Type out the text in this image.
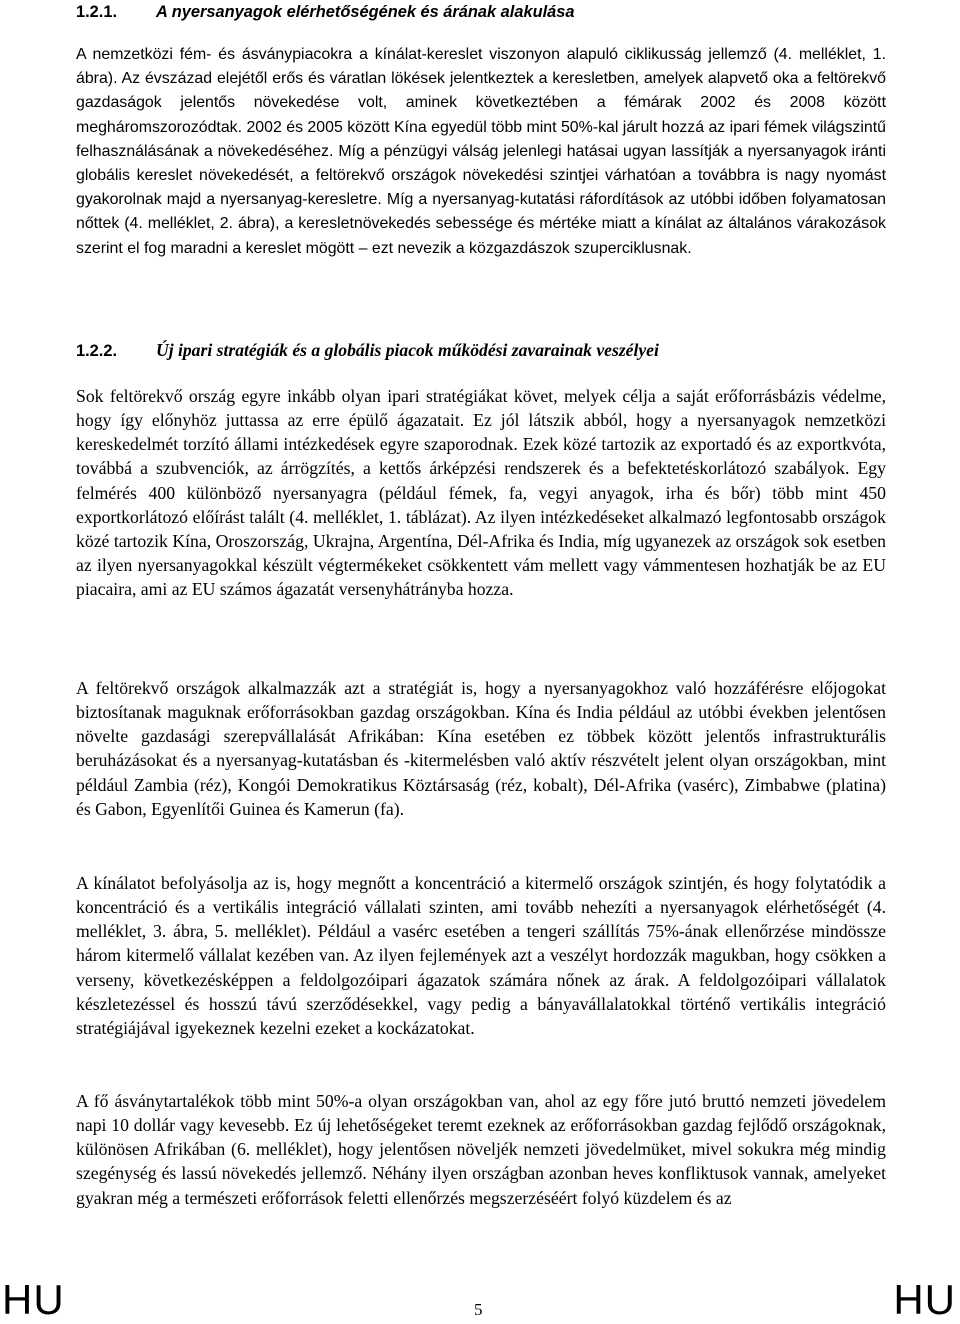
1.2.1. A nyersanyagok elérhetőségének és árának alakulása

A nemzetközi fém- és ásványpiacokra a kínálat-kereslet viszonyon alapuló ciklikusság jellemző (4. melléklet, 1. ábra). Az évszázad elejétől erős és váratlan lökések jelentkeztek a keresletben, amelyek alapvető oka a feltörekvő gazdaságok jelentős növekedése volt, aminek következtében a fémárak 2002 és 2008 között megháromszorozódtak. 2002 és 2005 között Kína egyedül több mint 50%-kal járult hozzá az ipari fémek világszintű felhasználásának a növekedéséhez. Míg a pénzügyi válság jelenlegi hatásai ugyan lassítják a nyersanyagok iránti globális kereslet növekedését, a feltörekvő országok növekedési szintjei várhatóan a továbbra is nagy nyomást gyakorolnak majd a nyersanyag-keresletre. Míg a nyersanyag-kutatási ráfordítások az utóbbi időben folyamatosan nőttek (4. melléklet, 2. ábra), a keresletnövekedés sebessége és mértéke miatt a kínálat az általános várakozások szerint el fog maradni a kereslet mögött – ezt nevezik a közgazdászok szuperciklusnak.

1.2.2. Új ipari stratégiák és a globális piacok működési zavarainak veszélyei

Sok feltörekvő ország egyre inkább olyan ipari stratégiákat követ, melyek célja a saját erőforrásbázis védelme, hogy így előnyhöz juttassa az erre épülő ágazatait. Ez jól látszik abból, hogy a nyersanyagok nemzetközi kereskedelmét torzító állami intézkedések egyre szaporodnak. Ezek közé tartozik az exportadó és az exportkvóta, továbbá a szubvenciók, az árrögzítés, a kettős árképzési rendszerek és a befektetéskorlátozó szabályok. Egy felmérés 400 különböző nyersanyagra (például fémek, fa, vegyi anyagok, irha és bőr) több mint 450 exportkorlátozó előírást talált (4. melléklet, 1. táblázat). Az ilyen intézkedéseket alkalmazó legfontosabb országok közé tartozik Kína, Oroszország, Ukrajna, Argentína, Dél-Afrika és India, míg ugyanezek az országok sok esetben az ilyen nyersanyagokkal készült végtermékeket csökkentett vám mellett vagy vámmentesen hozhatják be az EU piacaira, ami az EU számos ágazatát versenyhátrányba hozza.

A feltörekvő országok alkalmazzák azt a stratégiát is, hogy a nyersanyagokhoz való hozzáférésre előjogokat biztosítanak maguknak erőforrásokban gazdag országokban. Kína és India például az utóbbi években jelentősen növelte gazdasági szerepvállalását Afrikában: Kína esetében ez többek között jelentős infrastrukturális beruházásokat és a nyersanyag-kutatásban és -kitermelésben való aktív részvételt jelent olyan országokban, mint például Zambia (réz), Kongói Demokratikus Köztársaság (réz, kobalt), Dél-Afrika (vasérc), Zimbabwe (platina) és Gabon, Egyenlítői Guinea és Kamerun (fa).

A kínálatot befolyásolja az is, hogy megnőtt a koncentráció a kitermelő országok szintjén, és hogy folytatódik a koncentráció és a vertikális integráció vállalati szinten, ami tovább nehezíti a nyersanyagok elérhetőségét (4. melléklet, 3. ábra, 5. melléklet). Például a vasérc esetében a tengeri szállítás 75%-ának ellenőrzése mindössze három kitermelő vállalat kezében van. Az ilyen fejlemények azt a veszélyt hordozzák magukban, hogy csökken a verseny, következésképpen a feldolgozóipari ágazatok számára nőnek az árak. A feldolgozóipari vállalatok készletezéssel és hosszú távú szerződésekkel, vagy pedig a bányavállalatokkal történő vertikális integráció stratégiájával igyekeznek kezelni ezeket a kockázatokat.

A fő ásványtartalékok több mint 50%-a olyan országokban van, ahol az egy főre jutó bruttó nemzeti jövedelem napi 10 dollár vagy kevesebb. Ez új lehetőségeket teremt ezeknek az erőforrásokban gazdag fejlődő országoknak, különösen Afrikában (6. melléklet), hogy jelentősen növeljék nemzeti jövedelmüket, mivel sokukra még mindig szegénység és lassú növekedés jellemző. Néhány ilyen országban azonban heves konfliktusok vannak, amelyeket gyakran még a természeti erőforrások feletti ellenőrzés megszerzéséért folyó küzdelem és az

HU	5	HU
